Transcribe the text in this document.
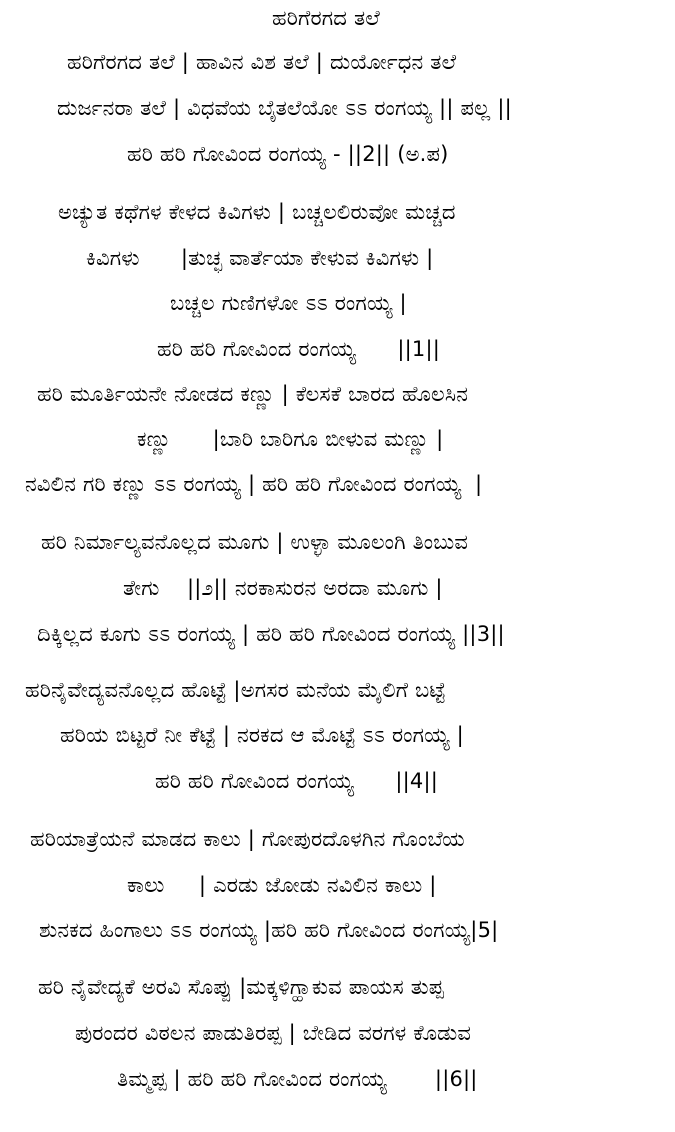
ಹರಿಗೆರಗದ ತಲೆ
ಹರಿಗೆರಗದ ತಲೆ | ಹಾವಿನ ವಿಶ ತಲೆ | ದುರ್ಯೋಧನ ತಲೆ
ದುರ್ಜನರಾ ತಲೆ | ವಿಧವೆಯ ಬೈತಲೆಯೋ ಽಽ ರಂಗಯ್ಯ || ಪಲ್ಲ ||
ಹರಿ ಹರಿ ಗೋವಿಂದ ರಂಗಯ್ಯ - ||2|| (ಅ.ಪ)
ಅಚ್ಯುತ ಕಥೆಗಳ ಕೇಳದ ಕಿವಿಗಳು | ಬಚ್ಚಲಲಿರುವೋ ಮಚ್ಚದ
ಕಿವಿಗಳು      |ತುಚ್ಛ ವಾರ್ತೆಯಾ ಕೇಳುವ ಕಿವಿಗಳು |
ಬಚ್ಚಲ ಗುಣಿಗಳೋ ಽಽ ರಂಗಯ್ಯ |
ಹರಿ ಹರಿ ಗೋವಿಂದ ರಂಗಯ್ಯ      ||1||
ಹರಿ ಮೂರ್ತಿಯನೇ ನೋಡದ ಕಣ್ಣು | ಕೆಲಸಕೆ ಬಾರದ ಹೊಲಸಿನ
ಕಣ್ಣು      |ಬಾರಿ ಬಾರಿಗೂ ಬೀಳುವ ಮಣ್ಣು |
ನವಿಲಿನ ಗರಿ ಕಣ್ಣು ಽಽ ರಂಗಯ್ಯ | ಹರಿ ಹರಿ ಗೋವಿಂದ ರಂಗಯ್ಯ  |
ಹರಿ ನಿರ್ಮಾಲ್ಯವನೊಲ್ಲದ ಮೂಗು | ಉಳ್ಳಾ ಮೂಲಂಗಿ ತಿಂಬುವ
ತೇಗು    ||೨|| ನರಕಾಸುರನ ಅರದಾ ಮೂಗು |
ದಿಕ್ಕಿಲ್ಲದ ಕೂಗು ಽಽ ರಂಗಯ್ಯ | ಹರಿ ಹರಿ ಗೋವಿಂದ ರಂಗಯ್ಯ ||3||
ಹರಿನೈವೇದ್ಯವನೊಲ್ಲದ ಹೊಟ್ಟೆ |ಅಗಸರ ಮನೆಯ ಮೈಲಿಗೆ ಬಟ್ಟೆ
ಹರಿಯ ಬಿಟ್ಟರೆ ನೀ ಕೆಟ್ಟೆ | ನರಕದ ಆ ಮೊಟ್ಟೆ ಽಽ ರಂಗಯ್ಯ |
ಹರಿ ಹರಿ ಗೋವಿಂದ ರಂಗಯ್ಯ      ||4||
ಹರಿಯಾತ್ರೆಯನೆ ಮಾಡದ ಕಾಲು | ಗೋಪುರದೊಳಗಿನ ಗೊಂಬೆಯ
ಕಾಲು     | ಎರಡು ಜೋಡು ನವಿಲಿನ ಕಾಲು |
ಶುನಕದ ಹಿಂಗಾಲು ಽಽ ರಂಗಯ್ಯ |ಹರಿ ಹರಿ ಗೋವಿಂದ ರಂಗಯ್ಯ|5|
ಹರಿ ನೈವೇದ್ಯಕೆ ಅರವಿ ಸೊಪ್ಪು |ಮಕ್ಕಳಿಗ್ಹಾಕುವ ಪಾಯಸ ತುಪ್ಪ
ಪುರಂದರ ವಿಠಲನ ಪಾಡುತಿರಪ್ಪ | ಬೇಡಿದ ವರಗಳ ಕೊಡುವ
ತಿಮ್ಮಪ್ಪ | ಹರಿ ಹರಿ ಗೋವಿಂದ ರಂಗಯ್ಯ       ||6||
